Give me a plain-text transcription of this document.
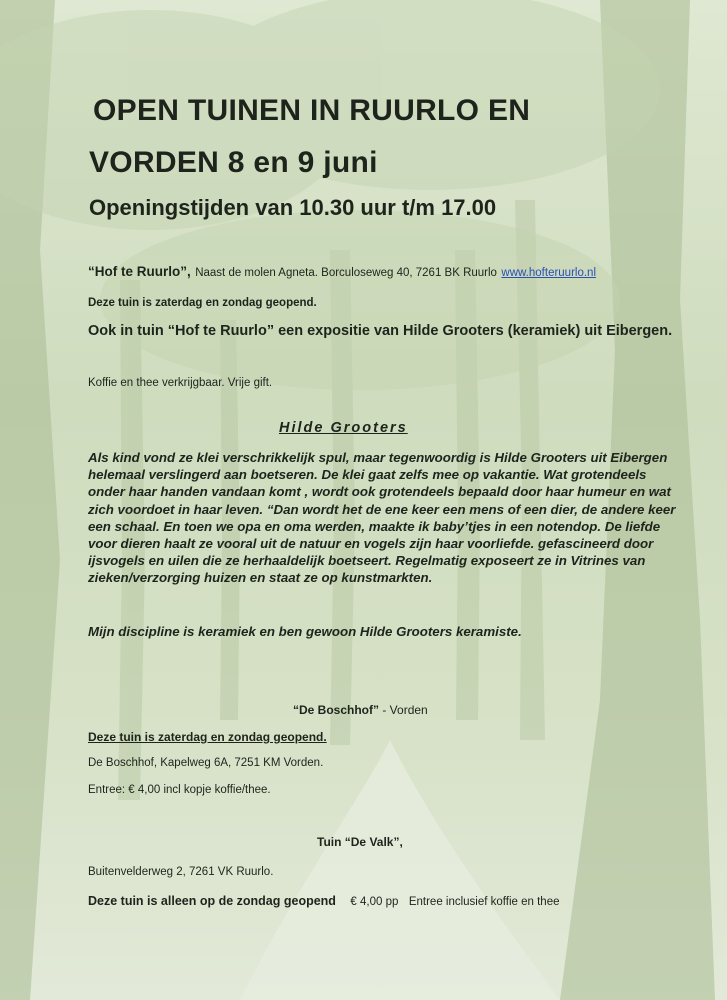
OPEN TUINEN IN RUURLO EN
VORDEN 8 en 9 juni
Openingstijden van 10.30 uur t/m 17.00
“Hof te Ruurlo”, Naast de molen Agneta. Borculoseweg 40, 7261 BK Ruurlo www.hofteruurlo.nl
Deze tuin is zaterdag en zondag geopend.
Ook in tuin “Hof te Ruurlo” een expositie van Hilde Grooters (keramiek) uit Eibergen.
Koffie en thee verkrijgbaar. Vrije gift.
Hilde Grooters
Als kind vond ze klei verschrikkelijk spul, maar tegenwoordig is Hilde Grooters uit Eibergen helemaal verslingerd aan boetseren. De klei gaat zelfs mee op vakantie. Wat grotendeels onder haar handen vandaan komt , wordt ook grotendeels bepaald door haar humeur en wat zich voordoet in haar leven. “Dan wordt het de ene keer een mens of een dier, de andere keer een schaal. En toen we opa en oma werden, maakte ik baby’tjes in een notendop. De liefde voor dieren haalt ze vooral uit de natuur en vogels zijn haar voorliefde. gefascineerd door ijsvogels en uilen die ze herhaaldelijk boetseert. Regelmatig exposeert ze in Vitrines van zieken/verzorging huizen en staat ze op kunstmarkten.
Mijn discipline is keramiek en ben gewoon Hilde Grooters keramiste.
“De Boschhof” - Vorden
Deze tuin is zaterdag en zondag geopend.
De Boschhof, Kapelweg 6A, 7251 KM Vorden.
Entree: € 4,00 incl kopje koffie/thee.
Tuin “De Valk”,
Buitenvelderweg 2, 7261 VK Ruurlo.
Deze tuin is alleen op de zondag geopend € 4,00 pp Entree inclusief koffie en thee
